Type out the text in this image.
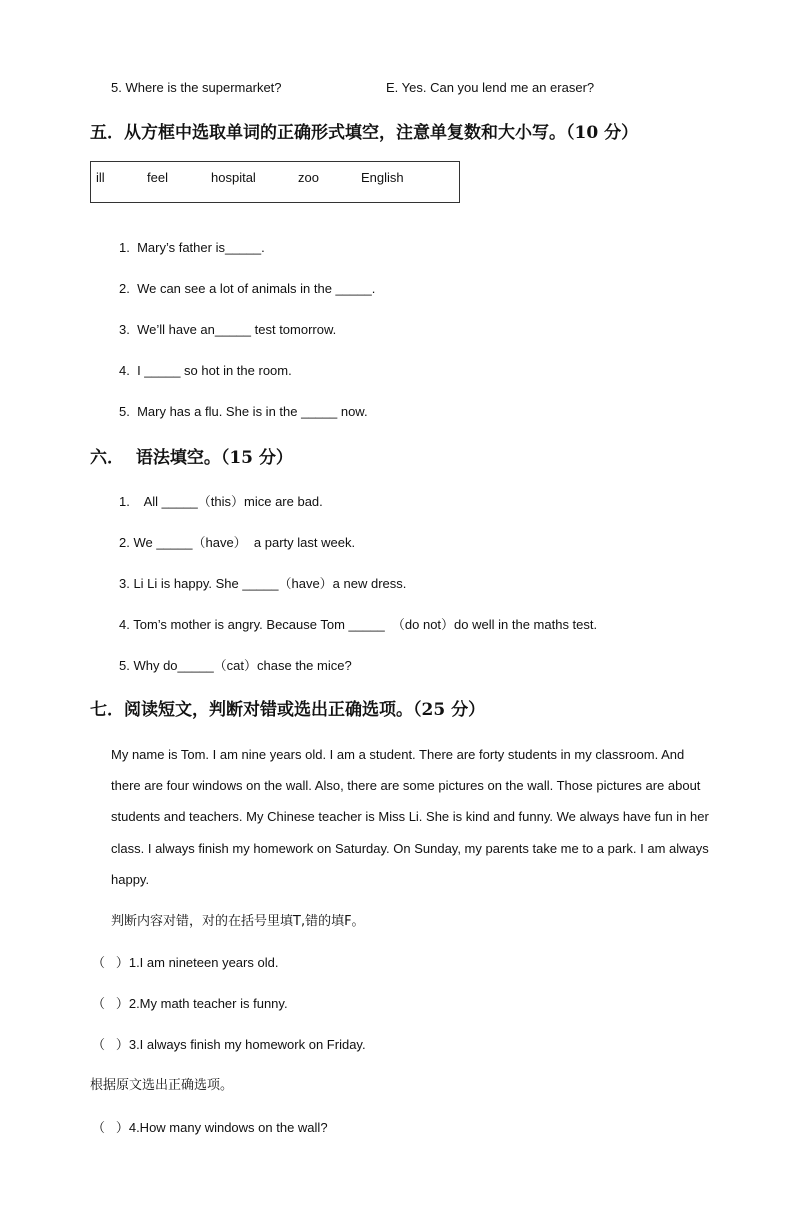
5. Where is the supermarket?	E. Yes. Can you lend me an eraser?
五．从方框中选取单词的正确形式填空，注意单复数和大小写。（10 分）
ill	feel	hospital	zoo	English
1.  Mary’s father is_____.
2.  We can see a lot of animals in the _____.
3.  We’ll have an_____ test tomorrow.
4.  I _____ so hot in the room.
5.  Mary has a flu. She is in the _____ now.
六．  语法填空。（15 分）
1.    All _____（this）mice are bad.
2. We _____（have）  a party last week.
3. Li Li is happy. She _____（have）a new dress.
4. Tom’s mother is angry. Because Tom _____  （do not）do well in the maths test.
5. Why do_____（cat）chase the mice?
七．阅读短文，判断对错或选出正确选项。（25 分）
My name is Tom. I am nine years old. I am a student. There are forty students in my classroom. And
there are four windows on the wall. Also, there are some pictures on the wall. Those pictures are about
students and teachers. My Chinese teacher is Miss Li. She is kind and funny. We always have fun in her
class. I always finish my homework on Saturday. On Sunday, my parents take me to a park. I am always
happy.
判断内容对错，对的在括号里填T,错的填F。
（   ）1.I am nineteen years old.
（   ）2.My math teacher is funny.
（   ）3.I always finish my homework on Friday.
根据原文选出正确选项。
（   ）4.How many windows on the wall?
